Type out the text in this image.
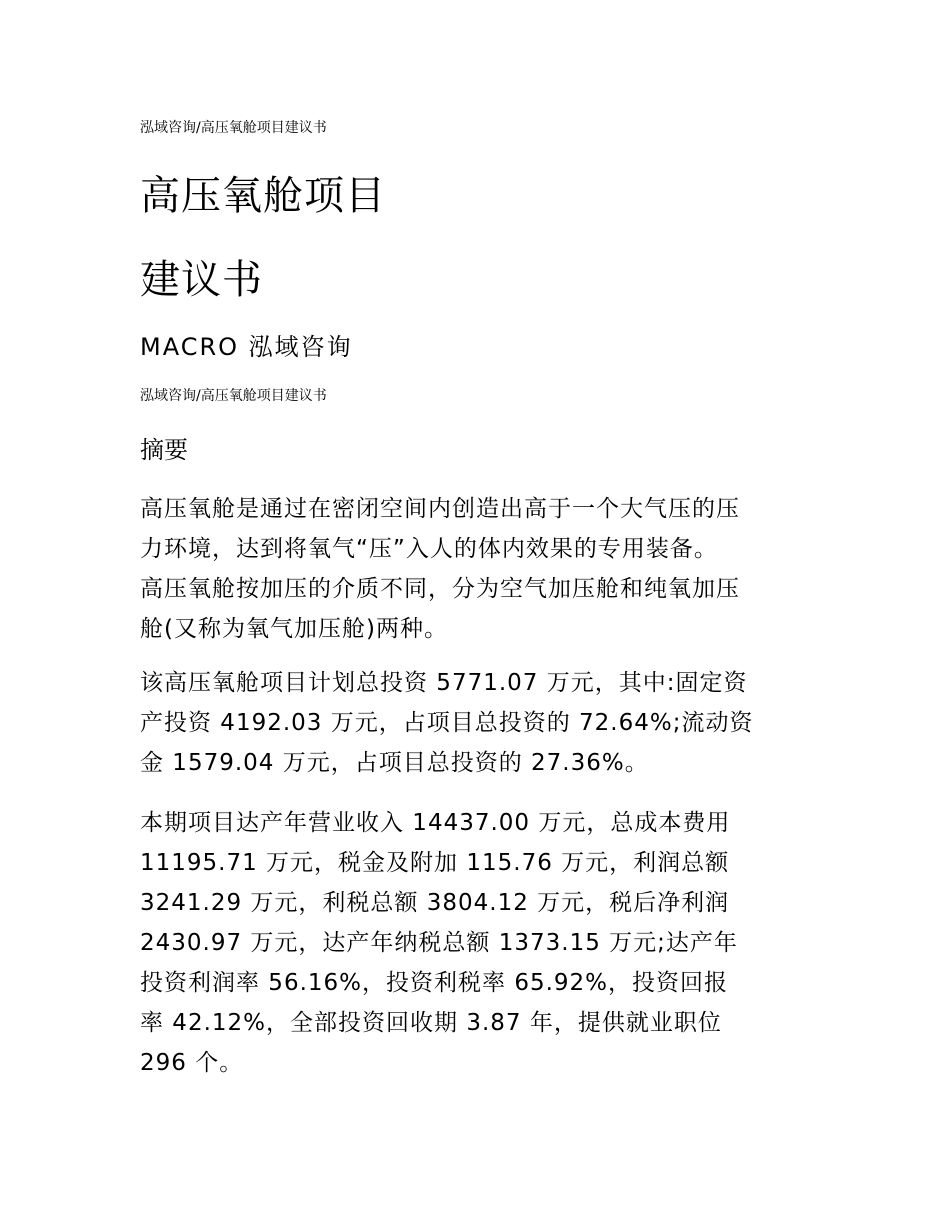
泓域咨询/高压氧舱项目建议书
高压氧舱项目
建议书
MACRO 泓域咨询
泓域咨询/高压氧舱项目建议书
摘要
高压氧舱是通过在密闭空间内创造出高于一个大气压的压
力环境，达到将氧气“压”入人的体内效果的专用装备。
高压氧舱按加压的介质不同，分为空气加压舱和纯氧加压
舱(又称为氧气加压舱)两种。
该高压氧舱项目计划总投资 5771.07 万元，其中:固定资
产投资 4192.03 万元，占项目总投资的 72.64%;流动资
金 1579.04 万元，占项目总投资的 27.36%。
本期项目达产年营业收入 14437.00 万元，总成本费用
11195.71 万元，税金及附加 115.76 万元，利润总额
3241.29 万元，利税总额 3804.12 万元，税后净利润
2430.97 万元，达产年纳税总额 1373.15 万元;达产年
投资利润率 56.16%，投资利税率 65.92%，投资回报
率 42.12%，全部投资回收期 3.87 年，提供就业职位
296 个。
